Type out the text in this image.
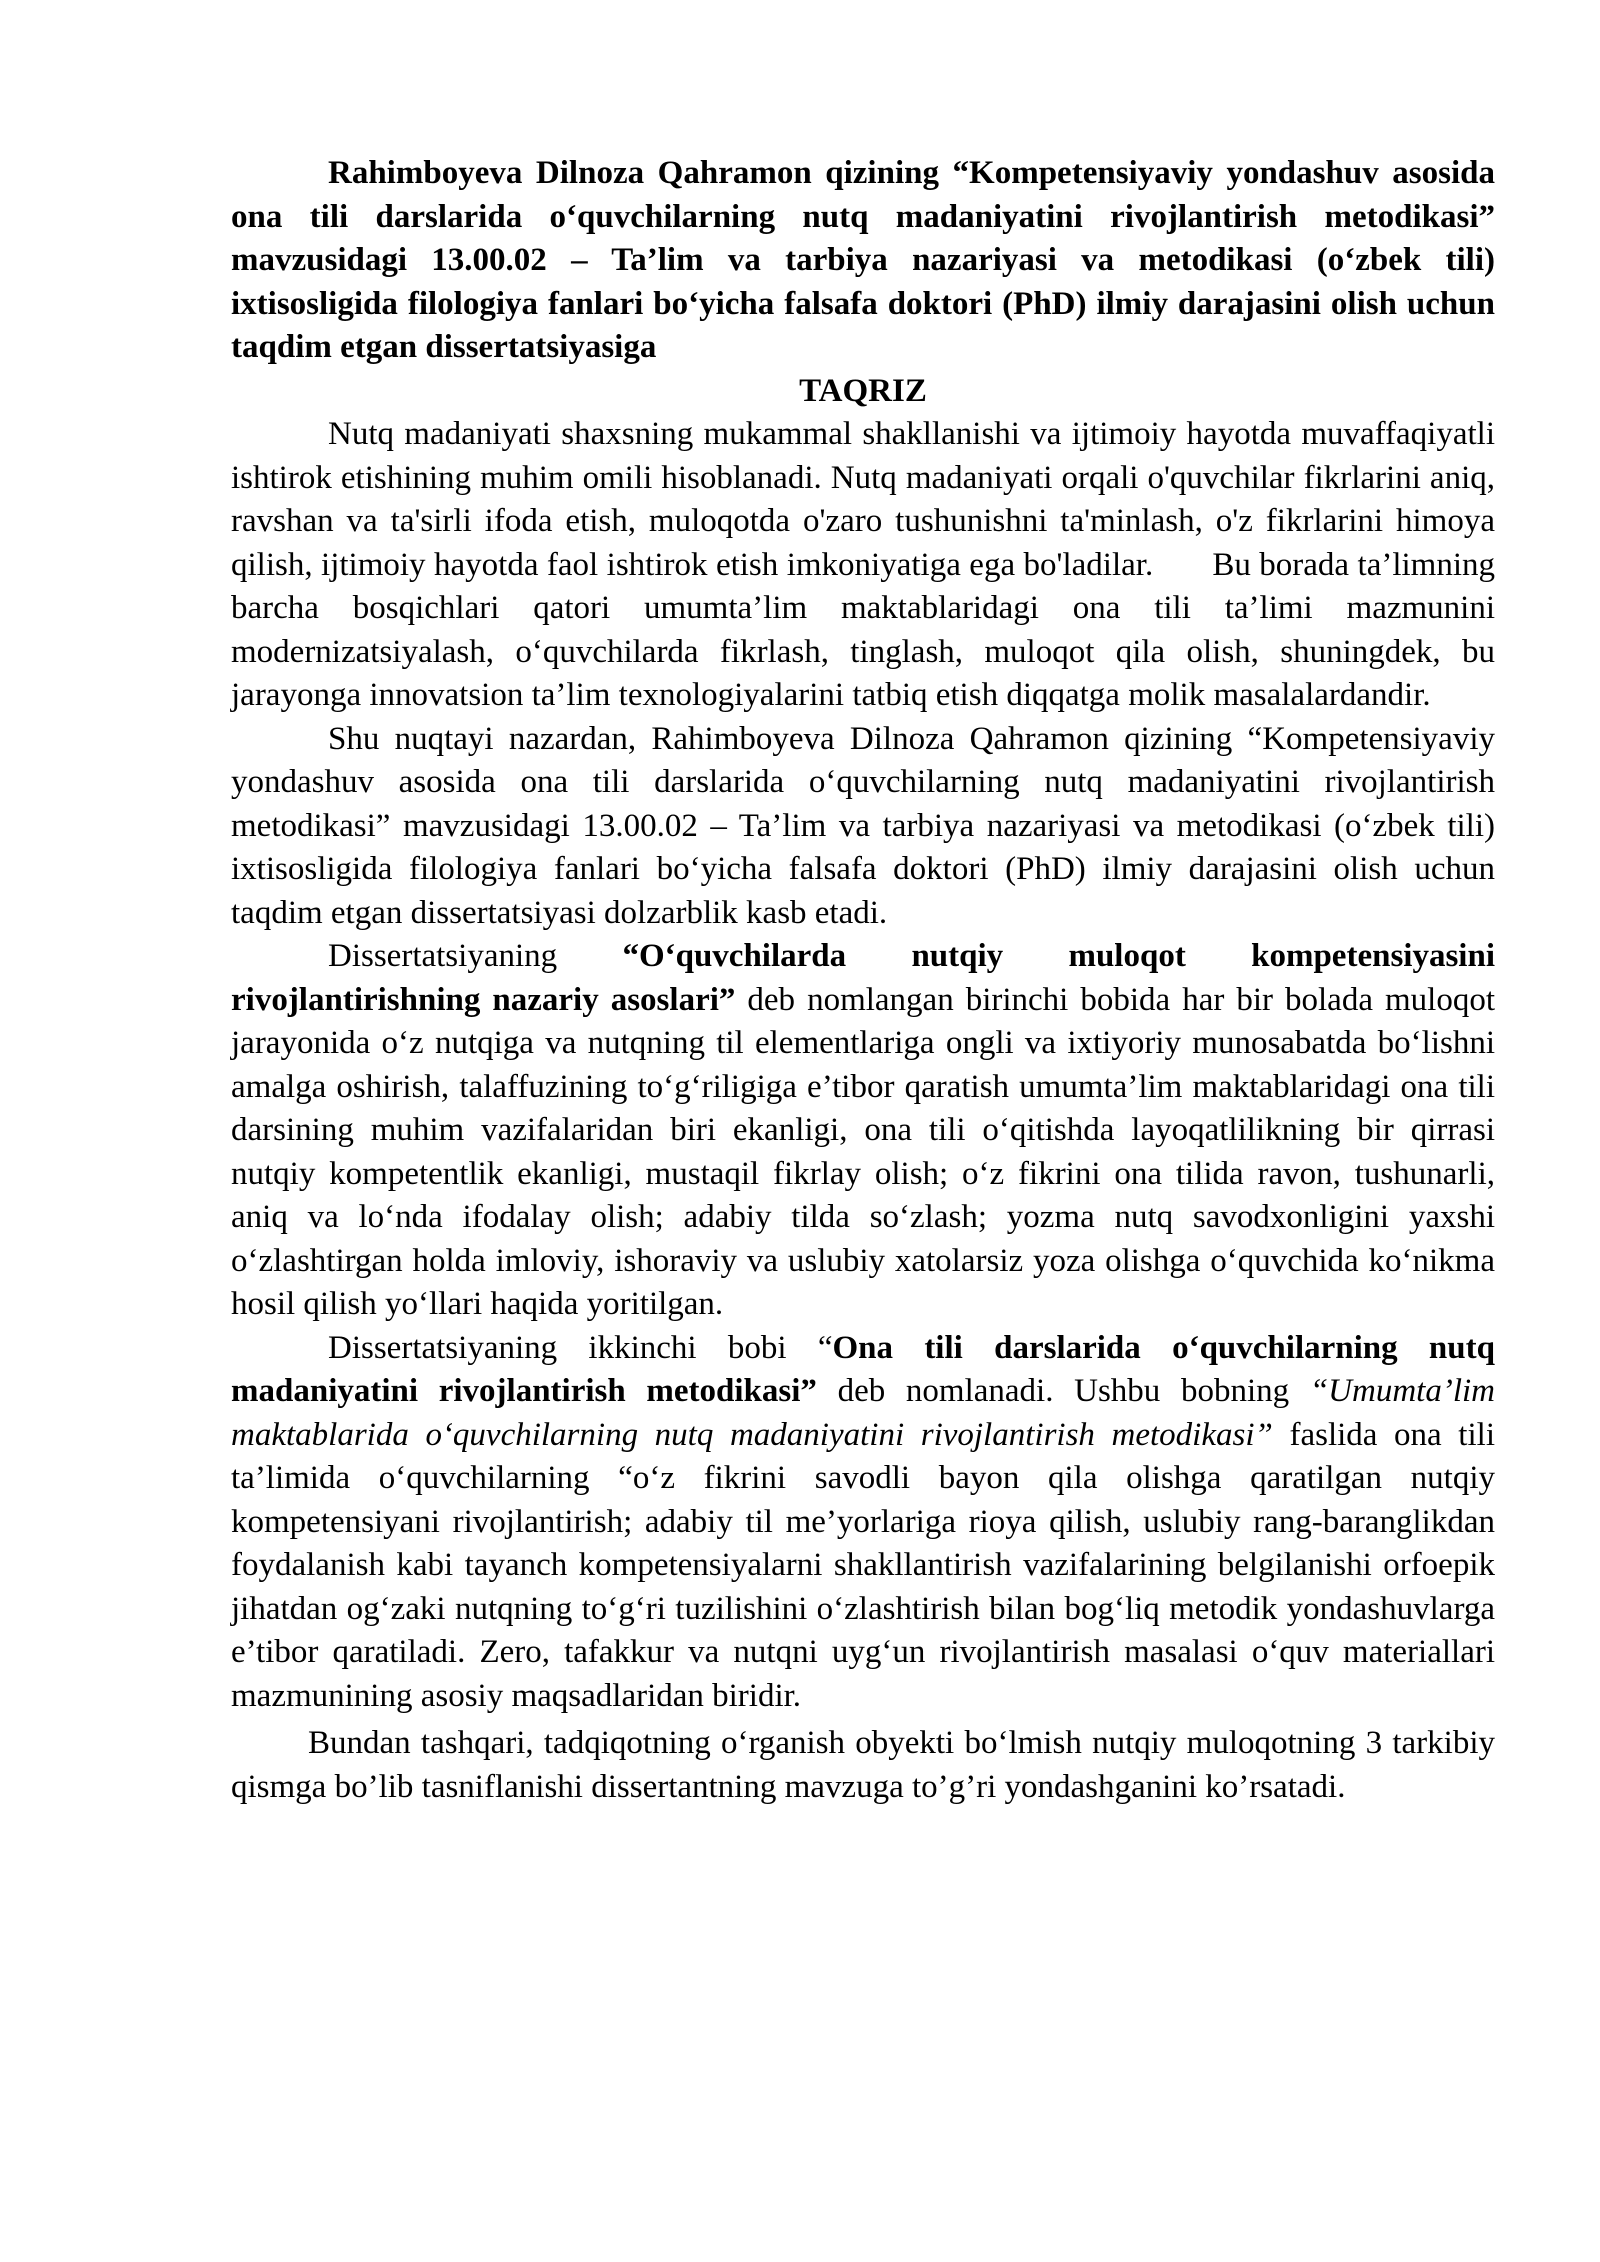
Rahimboyeva Dilnoza Qahramon qizining “Kompetensiyaviy yondashuv asosida ona tili darslarida o‘quvchilarning nutq madaniyatini rivojlantirish metodikasi” mavzusidagi 13.00.02 – Ta’lim va tarbiya nazariyasi va metodikasi (o‘zbek tili) ixtisosligida filologiya fanlari bo‘yicha falsafa doktori (PhD) ilmiy darajasini olish uchun taqdim etgan dissertatsiyasiga

TAQRIZ

Nutq madaniyati shaxsning mukammal shakllanishi va ijtimoiy hayotda muvaffaqiyatli ishtirok etishining muhim omili hisoblanadi. Nutq madaniyati orqali o'quvchilar fikrlarini aniq, ravshan va ta'sirli ifoda etish, muloqotda o'zaro tushunishni ta'minlash, o'z fikrlarini himoya qilish, ijtimoiy hayotda faol ishtirok etish imkoniyatiga ega bo'ladilar.       Bu borada ta’limning barcha bosqichlari qatori umumta’lim maktablaridagi ona tili ta’limi mazmunini modernizatsiyalash, o‘quvchilarda fikrlash, tinglash, muloqot qila olish, shuningdek, bu jarayonga innovatsion ta’lim texnologiyalarini tatbiq etish diqqatga molik masalalardandir.

Shu nuqtayi nazardan, Rahimboyeva Dilnoza Qahramon qizining “Kompetensiyaviy yondashuv asosida ona tili darslarida o‘quvchilarning nutq madaniyatini rivojlantirish metodikasi” mavzusidagi 13.00.02 – Ta’lim va tarbiya nazariyasi va metodikasi (o‘zbek tili) ixtisosligida filologiya fanlari bo‘yicha falsafa doktori (PhD) ilmiy darajasini olish uchun taqdim etgan dissertatsiyasi dolzarblik kasb etadi.

Dissertatsiyaning “O‘quvchilarda nutqiy muloqot kompetensiyasini rivojlantirishning nazariy asoslari” deb nomlangan birinchi bobida har bir bolada muloqot jarayonida o‘z nutqiga va nutqning til elementlariga ongli va ixtiyoriy munosabatda bo‘lishni amalga oshirish, talaffuzining to‘g‘riligiga e’tibor qaratish umumta’lim maktablaridagi ona tili darsining muhim vazifalaridan biri ekanligi, ona tili o‘qitishda layoqatlilikning bir qirrasi nutqiy kompetentlik ekanligi, mustaqil fikrlay olish; o‘z fikrini ona tilida ravon, tushunarli, aniq va lo‘nda ifodalay olish; adabiy tilda so‘zlash; yozma nutq savodxonligini yaxshi o‘zlashtirgan holda imloviy, ishoraviy va uslubiy xatolarsiz yoza olishga o‘quvchida ko‘nikma hosil qilish yo‘llari haqida yoritilgan.

Dissertatsiyaning ikkinchi bobi “Ona tili darslarida o‘quvchilarning nutq madaniyatini rivojlantirish metodikasi” deb nomlanadi. Ushbu bobning “Umumta’lim maktablarida o‘quvchilarning nutq madaniyatini rivojlantirish metodikasi” faslida ona tili ta’limida o‘quvchilarning “o‘z fikrini savodli bayon qila olishga qaratilgan nutqiy kompetensiyani rivojlantirish; adabiy til me’yorlariga rioya qilish, uslubiy rang-baranglikdan foydalanish kabi tayanch kompetensiyalarni shakllantirish vazifalarining belgilanishi orfoepik jihatdan og‘zaki nutqning to‘g‘ri tuzilishini o‘zlashtirish bilan bog‘liq metodik yondashuvlarga e’tibor qaratiladi. Zero, tafakkur va nutqni uyg‘un rivojlantirish masalasi o‘quv materiallari mazmunining asosiy maqsadlaridan biridir.

Bundan tashqari, tadqiqotning o‘rganish obyekti bo‘lmish nutqiy muloqotning 3 tarkibiy qismga bo’lib tasniflanishi dissertantning mavzuga to’g’ri yondashganini ko’rsatadi.
